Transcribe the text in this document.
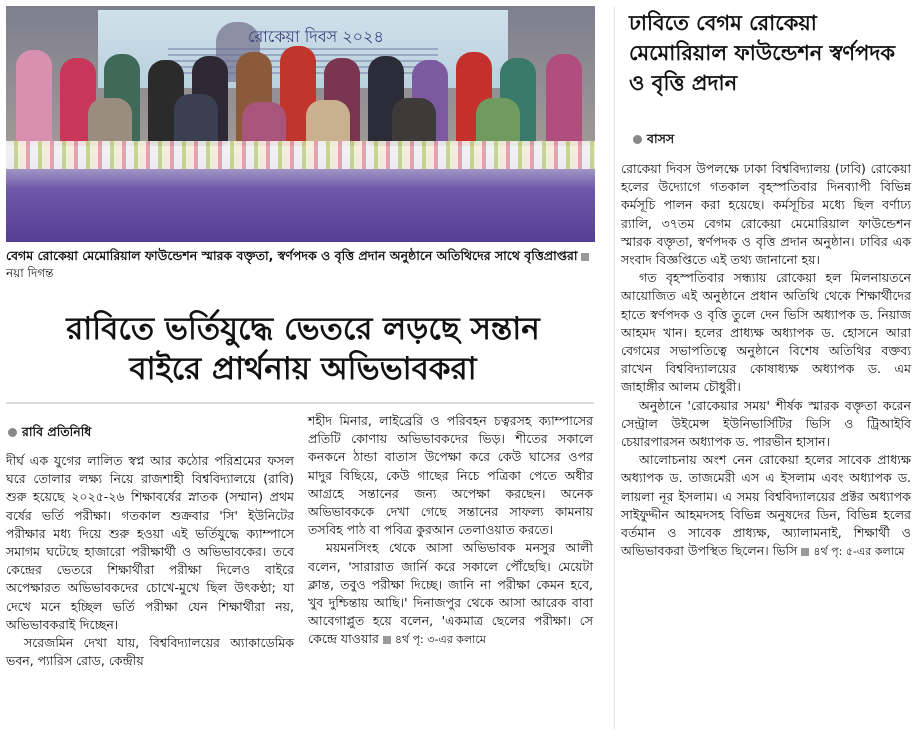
রোকেয়া দিবস ২০২৪
বেগম রোকেয়া মেমোরিয়াল ফাউন্ডেশন স্মারক বক্তৃতা, স্বর্ণপদক ও বৃত্তি প্রদান অনুষ্ঠানে অতিথিদের সাথে বৃত্তিপ্রাপ্তরানয়া দিগন্ত
রাবিতে ভর্তিযুদ্ধে ভেতরে লড়ছে সন্তান
বাইরে প্রার্থনায় অভিভাবকরা
রাবি প্রতিনিধি

দীর্ঘ এক যুগের লালিত স্বপ্ন আর কঠোর পরিশ্রমের ফসল ঘরে তোলার লক্ষ্য নিয়ে রাজশাহী বিশ্ববিদ্যালয়ে (রাবি) শুরু হয়েছে ২০২৫-২৬ শিক্ষাবর্ষের স্নাতক (সম্মান) প্রথম বর্ষের ভর্তি পরীক্ষা। গতকাল শুক্রবার 'সি' ইউনিটের পরীক্ষার মধ্য দিয়ে শুরু হওয়া এই ভর্তিযুদ্ধে ক্যাম্পাসে সমাগম ঘটেছে হাজারো পরীক্ষার্থী ও অভিভাবকের। তবে কেন্দ্রের ভেতরে শিক্ষার্থীরা পরীক্ষা দিলেও বাইরে অপেক্ষারত অভিভাবকদের চোখে-মুখে ছিল উৎকণ্ঠা; যা দেখে মনে হচ্ছিল ভর্তি পরীক্ষা যেন শিক্ষার্থীরা নয়, অভিভাবকরাই দিচ্ছেন।

সরেজমিন দেখা যায়, বিশ্ববিদ্যালয়ের অ্যাকাডেমিক ভবন, প্যারিস রোড, কেন্দ্রীয়

শহীদ মিনার, লাইব্রেরি ও পরিবহন চত্বরসহ ক্যাম্পাসের প্রতিটি কোণায় অভিভাবকদের ভিড়। শীতের সকালে কনকনে ঠান্ডা বাতাস উপেক্ষা করে কেউ ঘাসের ওপর মাদুর বিছিয়ে, কেউ গাছের নিচে পত্রিকা পেতে অধীর আগ্রহে সন্তানের জন্য অপেক্ষা করছেন। অনেক অভিভাবককে দেখা গেছে সন্তানের সাফল্য কামনায় তসবিহ পাঠ বা পবিত্র কুরআন তেলাওয়াত করতে।

ময়মনসিংহ থেকে আসা অভিভাবক মনসুর আলী বলেন, 'সারারাত জার্নি করে সকালে পৌঁছেছি। মেয়েটা ক্লান্ত, তবুও পরীক্ষা দিচ্ছে। জানি না পরীক্ষা কেমন হবে, খুব দুশ্চিন্তায় আছি।' দিনাজপুর থেকে আসা আরেক বাবা আবেগাপ্লুত হয়ে বলেন, 'একমাত্র ছেলের পরীক্ষা। সে কেন্দ্রে যাওয়ার ৪র্থ পৃ: ৩-এর কলামে

ঢাবিতে বেগম রোকেয়া মেমোরিয়াল ফাউন্ডেশন স্বর্ণপদক ও বৃত্তি প্রদান
বাসস

রোকেয়া দিবস উপলক্ষে ঢাকা বিশ্ববিদ্যালয় (ঢাবি) রোকেয়া হলের উদ্যোগে গতকাল বৃহস্পতিবার দিনব্যাপী বিভিন্ন কর্মসূচি পালন করা হয়েছে। কর্মসূচির মধ্যে ছিল বর্ণাঢ্য র‍্যালি, ৩৭তম বেগম রোকেয়া মেমোরিয়াল ফাউন্ডেশন স্মারক বক্তৃতা, স্বর্ণপদক ও বৃত্তি প্রদান অনুষ্ঠান। ঢাবির এক সংবাদ বিজ্ঞপ্তিতে এই তথ্য জানানো হয়।

গত বৃহস্পতিবার সন্ধ্যায় রোকেয়া হল মিলনায়তনে আয়োজিত এই অনুষ্ঠানে প্রধান অতিথি থেকে শিক্ষার্থীদের হাতে স্বর্ণপদক ও বৃত্তি তুলে দেন ভিসি অধ্যাপক ড. নিয়াজ আহমদ খান। হলের প্রাধ্যক্ষ অধ্যাপক ড. হোসনে আরা বেগমের সভাপতিত্বে অনুষ্ঠানে বিশেষ অতিথির বক্তব্য রাখেন বিশ্ববিদ্যালয়ের কোষাধ্যক্ষ অধ্যাপক ড. এম জাহাঙ্গীর আলম চৌধুরী।

অনুষ্ঠানে 'রোকেয়ার সময়' শীর্ষক স্মারক বক্তৃতা করেন সেন্ট্রাল উইমেন্স ইউনিভার্সিটির ভিসি ও ট্রিআইবি চেয়ারপারসন অধ্যাপক ড. পারভীন হাসান।

আলোচনায় অংশ নেন রোকেয়া হলের সাবেক প্রাধ্যক্ষ অধ্যাপক ড. তাজমেরী এস এ ইসলাম এবং অধ্যাপক ড. লায়লা নূর ইসলাম। এ সময় বিশ্ববিদ্যালয়ের প্রক্টর অধ্যাপক সাইফুদ্দীন আহমদসহ বিভিন্ন অনুষদের ডিন, বিভিন্ন হলের বর্তমান ও সাবেক প্রাধ্যক্ষ, অ্যালামনাই, শিক্ষার্থী ও অভিভাবকরা উপস্থিত ছিলেন। ভিসি ৪র্থ পৃ: ৫-এর কলামে
